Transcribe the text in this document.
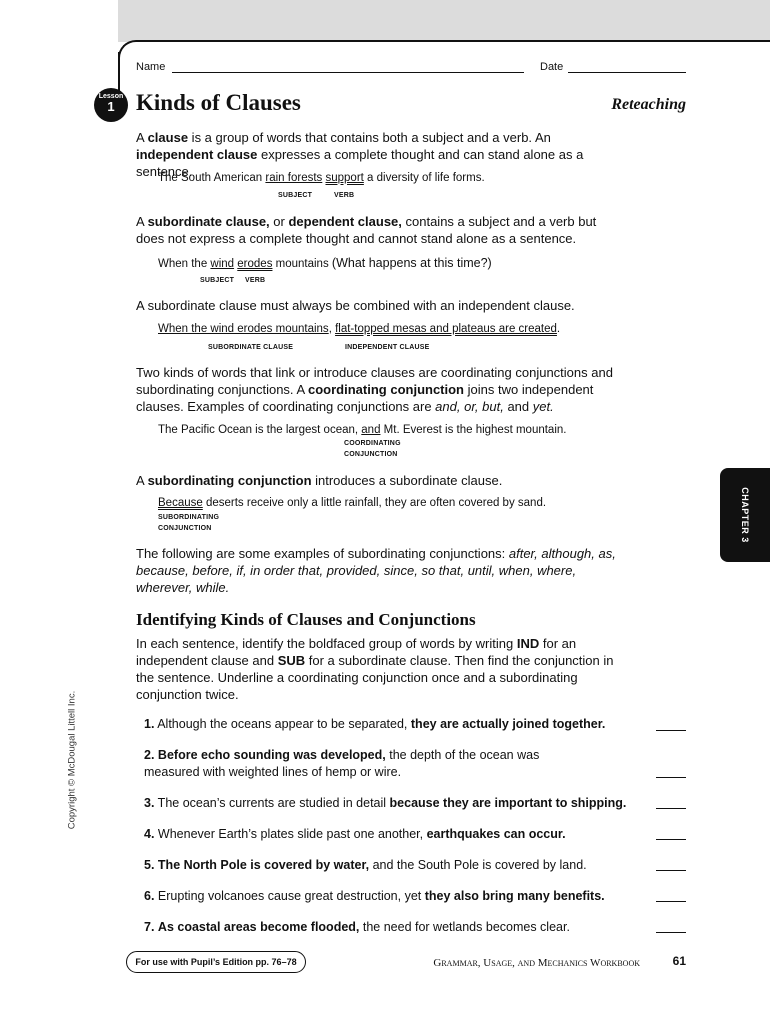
Name	Date
Lesson
1 Kinds of Clauses	Reteaching
A clause is a group of words that contains both a subject and a verb. An independent clause expresses a complete thought and can stand alone as a sentence.
The South American rain forests support a diversity of life forms.
SUBJECT	VERB
A subordinate clause, or dependent clause, contains a subject and a verb but does not express a complete thought and cannot stand alone as a sentence.
When the wind erodes mountains (What happens at this time?)
SUBJECT VERB
A subordinate clause must always be combined with an independent clause.
When the wind erodes mountains, flat-topped mesas and plateaus are created.
SUBORDINATE CLAUSE	INDEPENDENT CLAUSE
Two kinds of words that link or introduce clauses are coordinating conjunctions and subordinating conjunctions. A coordinating conjunction joins two independent clauses. Examples of coordinating conjunctions are and, or, but, and yet.
The Pacific Ocean is the largest ocean, and Mt. Everest is the highest mountain.
COORDINATING
CONJUNCTION
A subordinating conjunction introduces a subordinate clause.
Because deserts receive only a little rainfall, they are often covered by sand.
SUBORDINATING
CONJUNCTION
The following are some examples of subordinating conjunctions: after, although, as, because, before, if, in order that, provided, since, so that, until, when, where, wherever, while.
Identifying Kinds of Clauses and Conjunctions
In each sentence, identify the boldfaced group of words by writing IND for an independent clause and SUB for a subordinate clause. Then find the conjunction in the sentence. Underline a coordinating conjunction once and a subordinating conjunction twice.
1. Although the oceans appear to be separated, they are actually joined together.
2. Before echo sounding was developed, the depth of the ocean was measured with weighted lines of hemp or wire.
3. The ocean’s currents are studied in detail because they are important to shipping.
4. Whenever Earth’s plates slide past one another, earthquakes can occur.
5. The North Pole is covered by water, and the South Pole is covered by land.
6. Erupting volcanoes cause great destruction, yet they also bring many benefits.
7. As coastal areas become flooded, the need for wetlands becomes clear.
CHAPTER 3
Copyright © McDougal Littell Inc.
For use with Pupil’s Edition pp. 76–78	Grammar, Usage, and Mechanics Workbook	61
